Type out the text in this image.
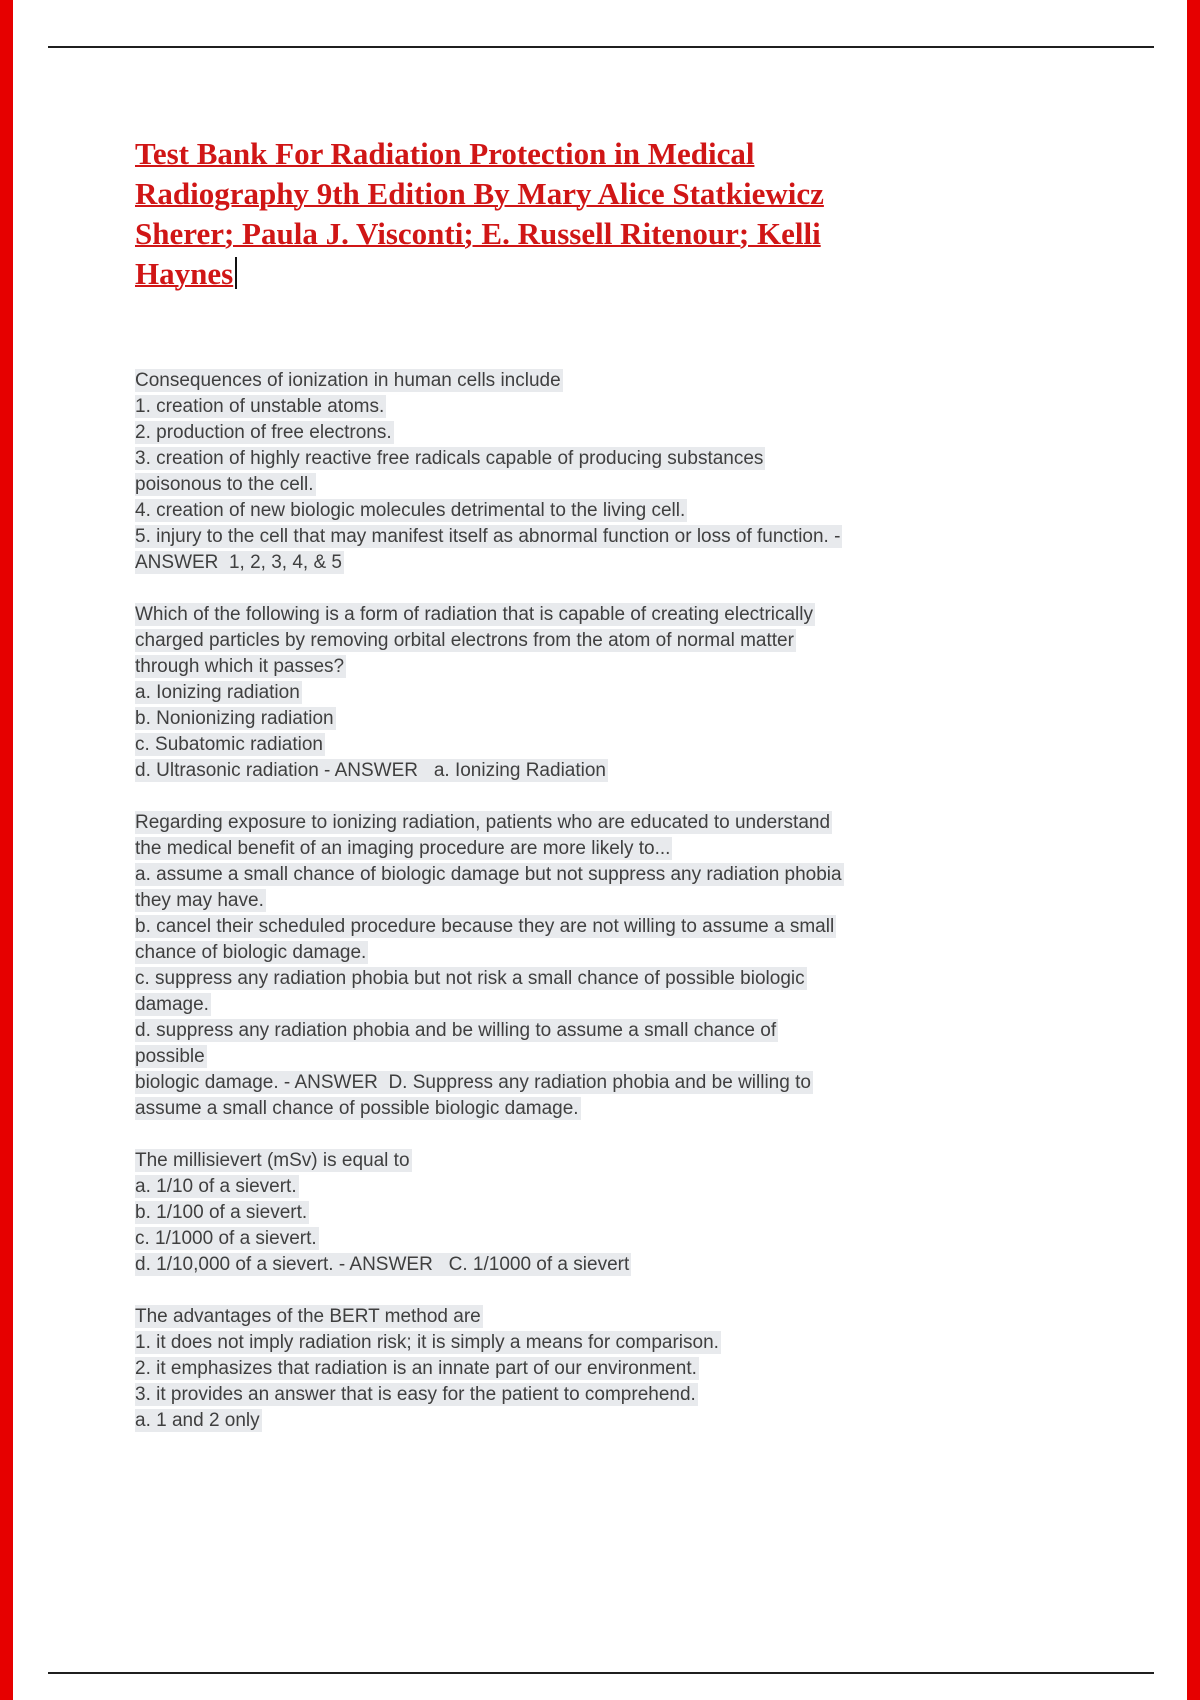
Test Bank For Radiation Protection in Medical
Radiography 9th Edition By Mary Alice Statkiewicz
Sherer; Paula J. Visconti; E. Russell Ritenour; Kelli
Haynes
Consequences of ionization in human cells include
1. creation of unstable atoms.
2. production of free electrons.
3. creation of highly reactive free radicals capable of producing substances
poisonous to the cell.
4. creation of new biologic molecules detrimental to the living cell.
5. injury to the cell that may manifest itself as abnormal function or loss of function. -
ANSWER  1, 2, 3, 4, & 5
Which of the following is a form of radiation that is capable of creating electrically
charged particles by removing orbital electrons from the atom of normal matter
through which it passes?
a. Ionizing radiation
b. Nonionizing radiation
c. Subatomic radiation
d. Ultrasonic radiation - ANSWER   a. Ionizing Radiation
Regarding exposure to ionizing radiation, patients who are educated to understand
the medical benefit of an imaging procedure are more likely to...
a. assume a small chance of biologic damage but not suppress any radiation phobia
they may have.
b. cancel their scheduled procedure because they are not willing to assume a small
chance of biologic damage.
c. suppress any radiation phobia but not risk a small chance of possible biologic
damage.
d. suppress any radiation phobia and be willing to assume a small chance of
possible
biologic damage. - ANSWER  D. Suppress any radiation phobia and be willing to
assume a small chance of possible biologic damage.
The millisievert (mSv) is equal to
a. 1/10 of a sievert.
b. 1/100 of a sievert.
c. 1/1000 of a sievert.
d. 1/10,000 of a sievert. - ANSWER   C. 1/1000 of a sievert
The advantages of the BERT method are
1. it does not imply radiation risk; it is simply a means for comparison.
2. it emphasizes that radiation is an innate part of our environment.
3. it provides an answer that is easy for the patient to comprehend.
a. 1 and 2 only
